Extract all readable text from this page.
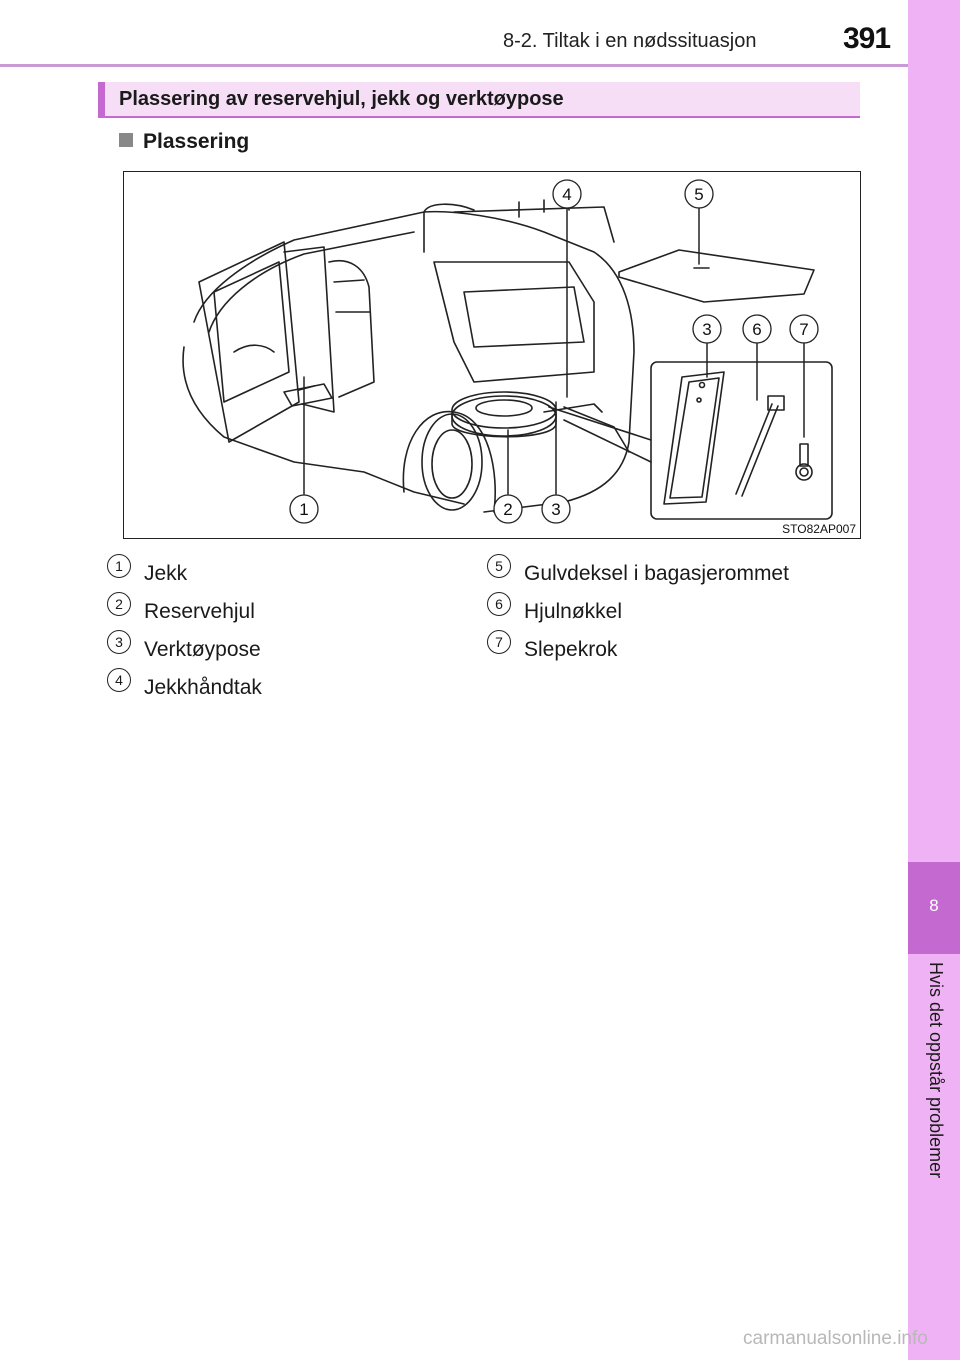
8-2. Tiltak i en nødssituasjon	391
8
Hvis det oppstår problemer
Plassering av reservehjul, jekk og verktøypose
Plassering
1	2 3
4	5
3 6 7
STO82AP007
1	Jekk
2	Reservehjul
3	Verktøypose
4	Jekkhåndtak
5	Gulvdeksel i bagasjerommet
6	Hjulnøkkel
7	Slepekrok
carmanualsonline.info
